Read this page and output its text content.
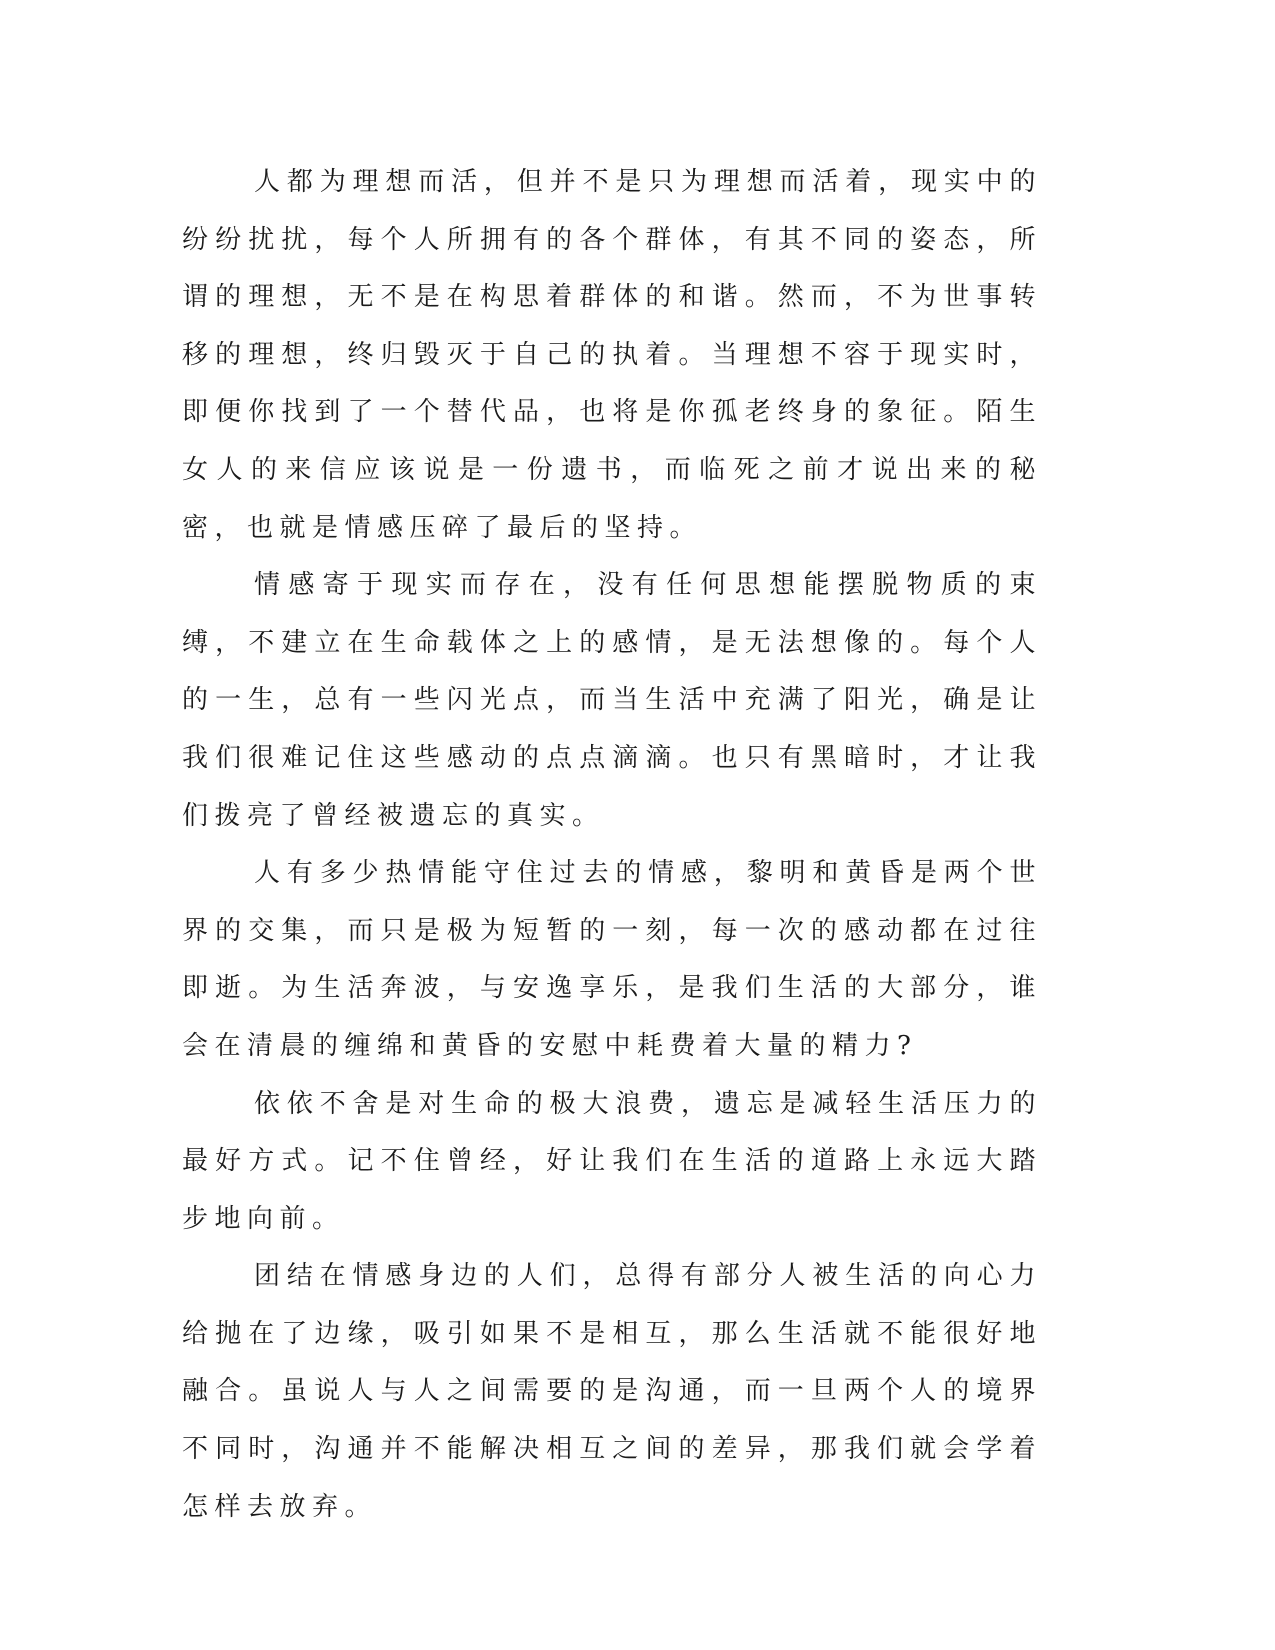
人都为理想而活，但并不是只为理想而活着，现实中的纷纷扰扰，每个人所拥有的各个群体，有其不同的姿态，所谓的理想，无不是在构思着群体的和谐。然而，不为世事转移的理想，终归毁灭于自己的执着。当理想不容于现实时，即便你找到了一个替代品，也将是你孤老终身的象征。陌生女人的来信应该说是一份遗书，而临死之前才说出来的秘密，也就是情感压碎了最后的坚持。

情感寄于现实而存在，没有任何思想能摆脱物质的束缚，不建立在生命载体之上的感情，是无法想像的。每个人的一生，总有一些闪光点，而当生活中充满了阳光，确是让我们很难记住这些感动的点点滴滴。也只有黑暗时，才让我们拨亮了曾经被遗忘的真实。

人有多少热情能守住过去的情感，黎明和黄昏是两个世界的交集，而只是极为短暂的一刻，每一次的感动都在过往即逝。为生活奔波，与安逸享乐，是我们生活的大部分，谁会在清晨的缠绵和黄昏的安慰中耗费着大量的精力?

依依不舍是对生命的极大浪费，遗忘是减轻生活压力的最好方式。记不住曾经，好让我们在生活的道路上永远大踏步地向前。

团结在情感身边的人们，总得有部分人被生活的向心力给抛在了边缘，吸引如果不是相互，那么生活就不能很好地融合。虽说人与人之间需要的是沟通，而一旦两个人的境界不同时，沟通并不能解决相互之间的差异，那我们就会学着怎样去放弃。
